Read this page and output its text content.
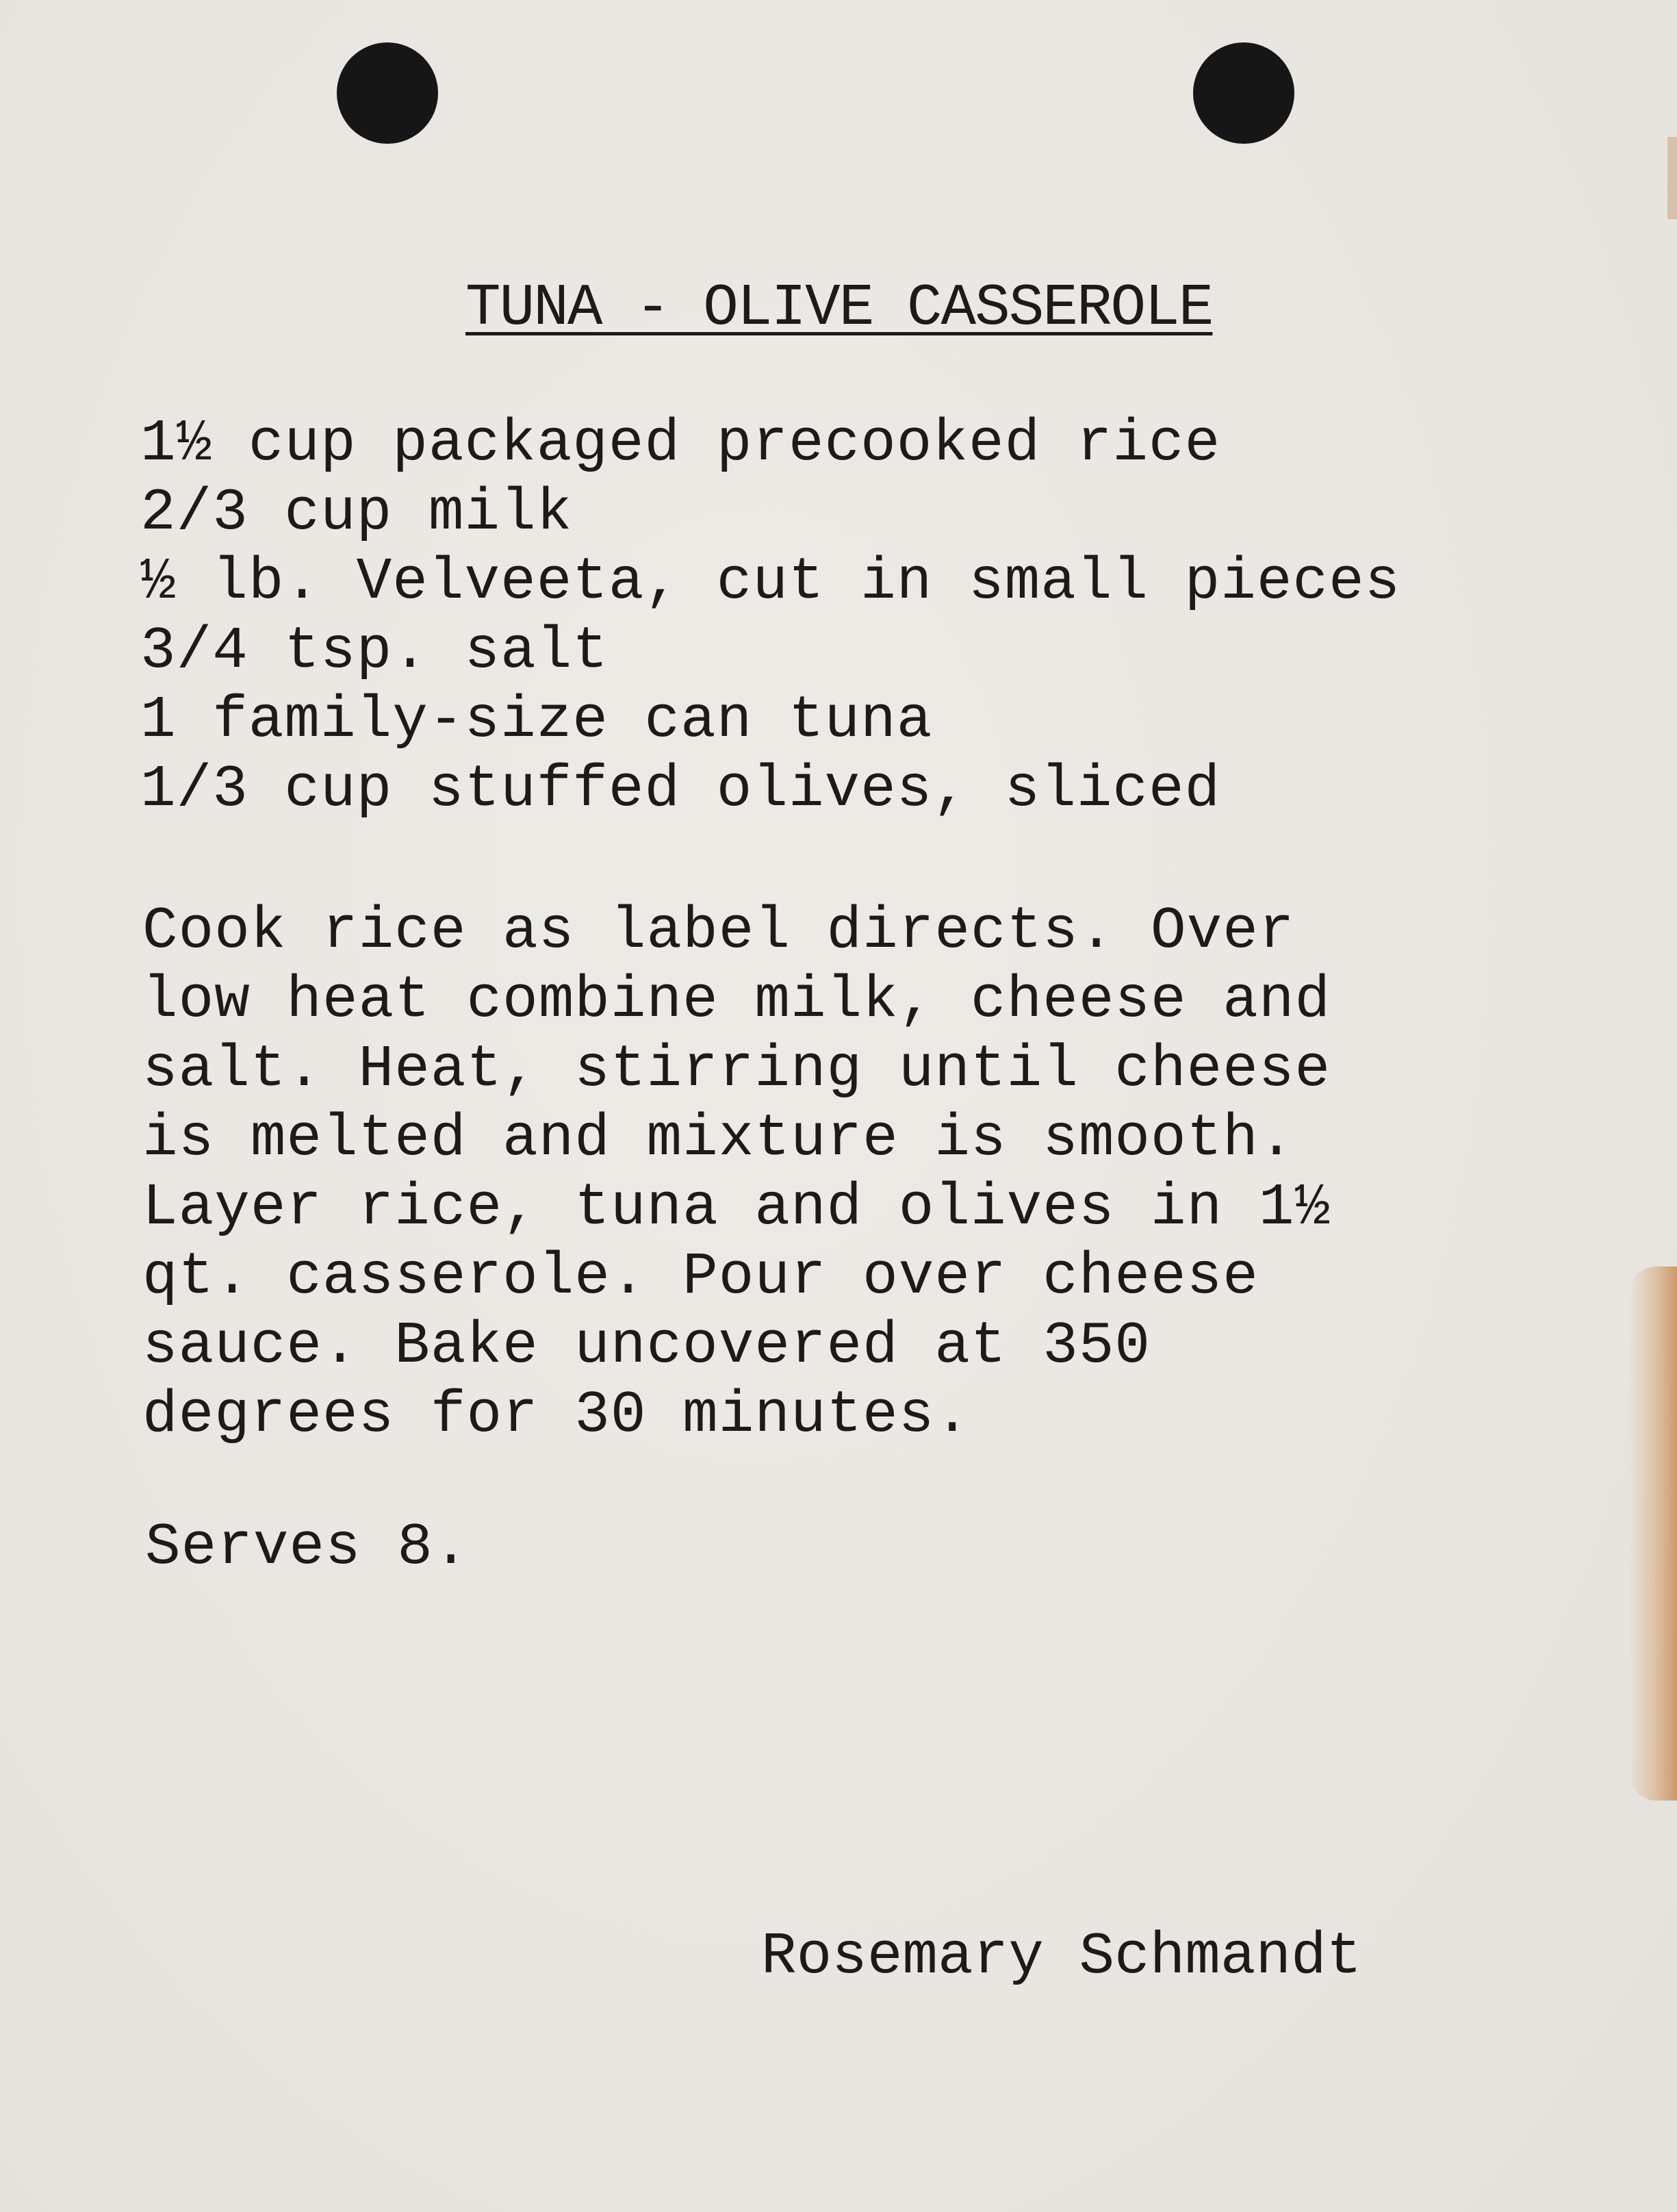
TUNA - OLIVE CASSEROLE
1½ cup packaged precooked rice
2/3 cup milk
½ lb. Velveeta, cut in small pieces
3/4 tsp. salt
1 family-size can tuna
1/3 cup stuffed olives, sliced
Cook rice as label directs. Over
low heat combine milk, cheese and
salt. Heat, stirring until cheese
is melted and mixture is smooth.
Layer rice, tuna and olives in 1½
qt. casserole. Pour over cheese
sauce. Bake uncovered at 350
degrees for 30 minutes.
Serves 8.
Rosemary Schmandt
